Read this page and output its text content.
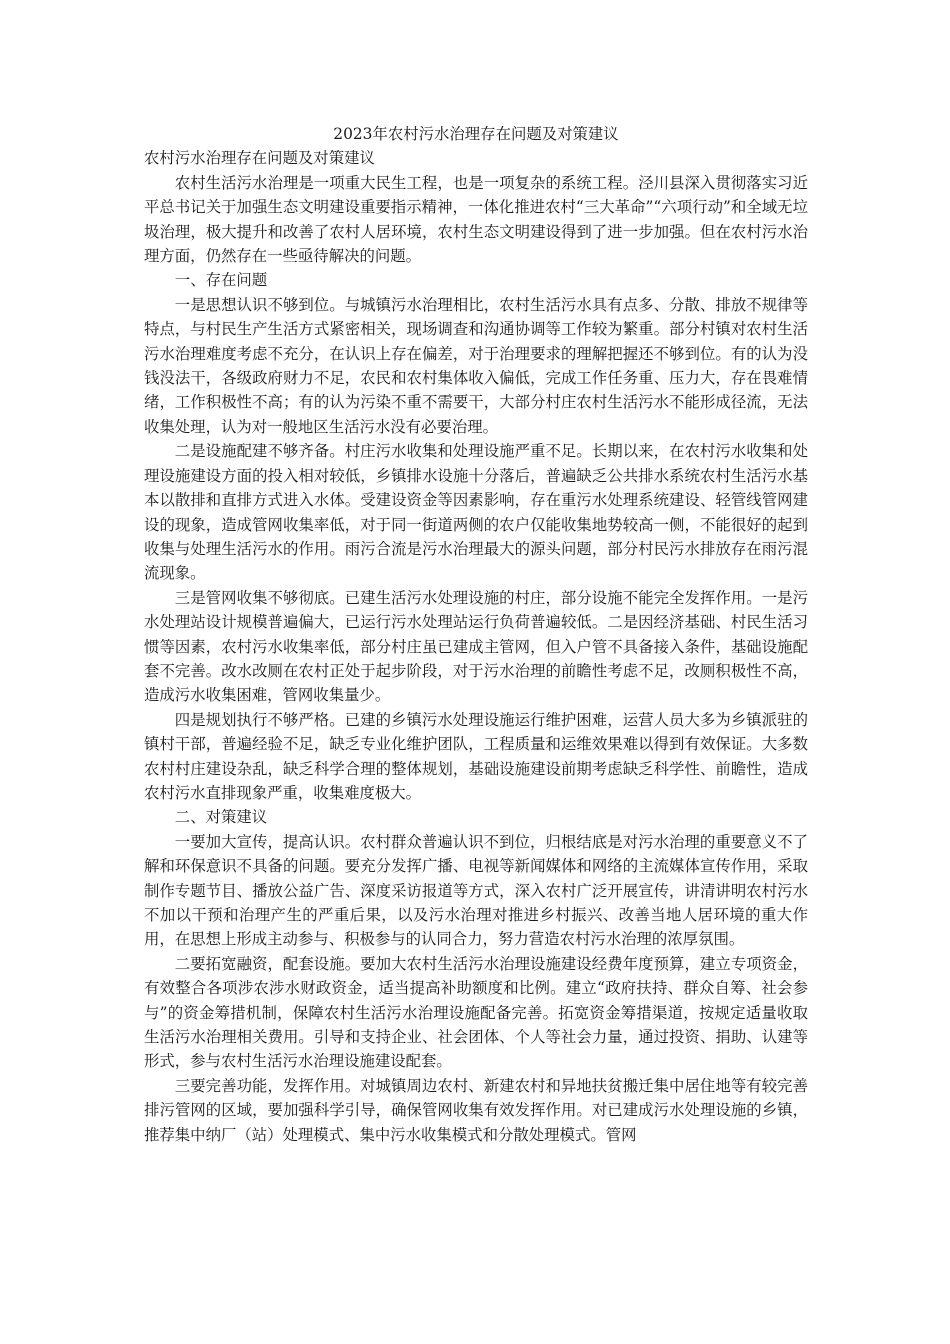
2023年农村污水治理存在问题及对策建议

农村污水治理存在问题及对策建议

农村生活污水治理是一项重大民生工程，也是一项复杂的系统工程。泾川县深入贯彻落实习近平总书记关于加强生态文明建设重要指示精神，一体化推进农村“三大革命”“六项行动”和全域无垃圾治理，极大提升和改善了农村人居环境，农村生态文明建设得到了进一步加强。但在农村污水治理方面，仍然存在一些亟待解决的问题。

一、存在问题

一是思想认识不够到位。与城镇污水治理相比，农村生活污水具有点多、分散、排放不规律等特点，与村民生产生活方式紧密相关，现场调查和沟通协调等工作较为繁重。部分村镇对农村生活污水治理难度考虑不充分，在认识上存在偏差，对于治理要求的理解把握还不够到位。有的认为没钱没法干，各级政府财力不足，农民和农村集体收入偏低，完成工作任务重、压力大，存在畏难情绪，工作积极性不高；有的认为污染不重不需要干，大部分村庄农村生活污水不能形成径流，无法收集处理，认为对一般地区生活污水没有必要治理。

二是设施配建不够齐备。村庄污水收集和处理设施严重不足。长期以来，在农村污水收集和处理设施建设方面的投入相对较低，乡镇排水设施十分落后，普遍缺乏公共排水系统农村生活污水基本以散排和直排方式进入水体。受建设资金等因素影响，存在重污水处理系统建设、轻管线管网建设的现象，造成管网收集率低，对于同一街道两侧的农户仅能收集地势较高一侧，不能很好的起到收集与处理生活污水的作用。雨污合流是污水治理最大的源头问题，部分村民污水排放存在雨污混流现象。

三是管网收集不够彻底。已建生活污水处理设施的村庄，部分设施不能完全发挥作用。一是污水处理站设计规模普遍偏大，已运行污水处理站运行负荷普遍较低。二是因经济基础、村民生活习惯等因素，农村污水收集率低，部分村庄虽已建成主管网，但入户管不具备接入条件，基础设施配套不完善。改水改厕在农村正处于起步阶段，对于污水治理的前瞻性考虑不足，改厕积极性不高，造成污水收集困难，管网收集量少。

四是规划执行不够严格。已建的乡镇污水处理设施运行维护困难，运营人员大多为乡镇派驻的镇村干部，普遍经验不足，缺乏专业化维护团队，工程质量和运维效果难以得到有效保证。大多数农村村庄建设杂乱，缺乏科学合理的整体规划，基础设施建设前期考虑缺乏科学性、前瞻性，造成农村污水直排现象严重，收集难度极大。

二、对策建议

一要加大宣传，提高认识。农村群众普遍认识不到位，归根结底是对污水治理的重要意义不了解和环保意识不具备的问题。要充分发挥广播、电视等新闻媒体和网络的主流媒体宣传作用，采取制作专题节目、播放公益广告、深度采访报道等方式，深入农村广泛开展宣传，讲清讲明农村污水不加以干预和治理产生的严重后果，以及污水治理对推进乡村振兴、改善当地人居环境的重大作用，在思想上形成主动参与、积极参与的认同合力，努力营造农村污水治理的浓厚氛围。

二要拓宽融资，配套设施。要加大农村生活污水治理设施建设经费年度预算，建立专项资金，有效整合各项涉农涉水财政资金，适当提高补助额度和比例。建立“政府扶持、群众自筹、社会参与”的资金筹措机制，保障农村生活污水治理设施配备完善。拓宽资金筹措渠道，按规定适量收取生活污水治理相关费用。引导和支持企业、社会团体、个人等社会力量，通过投资、捐助、认建等形式，参与农村生活污水治理设施建设配套。

三要完善功能，发挥作用。对城镇周边农村、新建农村和异地扶贫搬迁集中居住地等有较完善排污管网的区域，要加强科学引导，确保管网收集有效发挥作用。对已建成污水处理设施的乡镇，推荐集中纳厂（站）处理模式、集中污水收集模式和分散处理模式。管网
